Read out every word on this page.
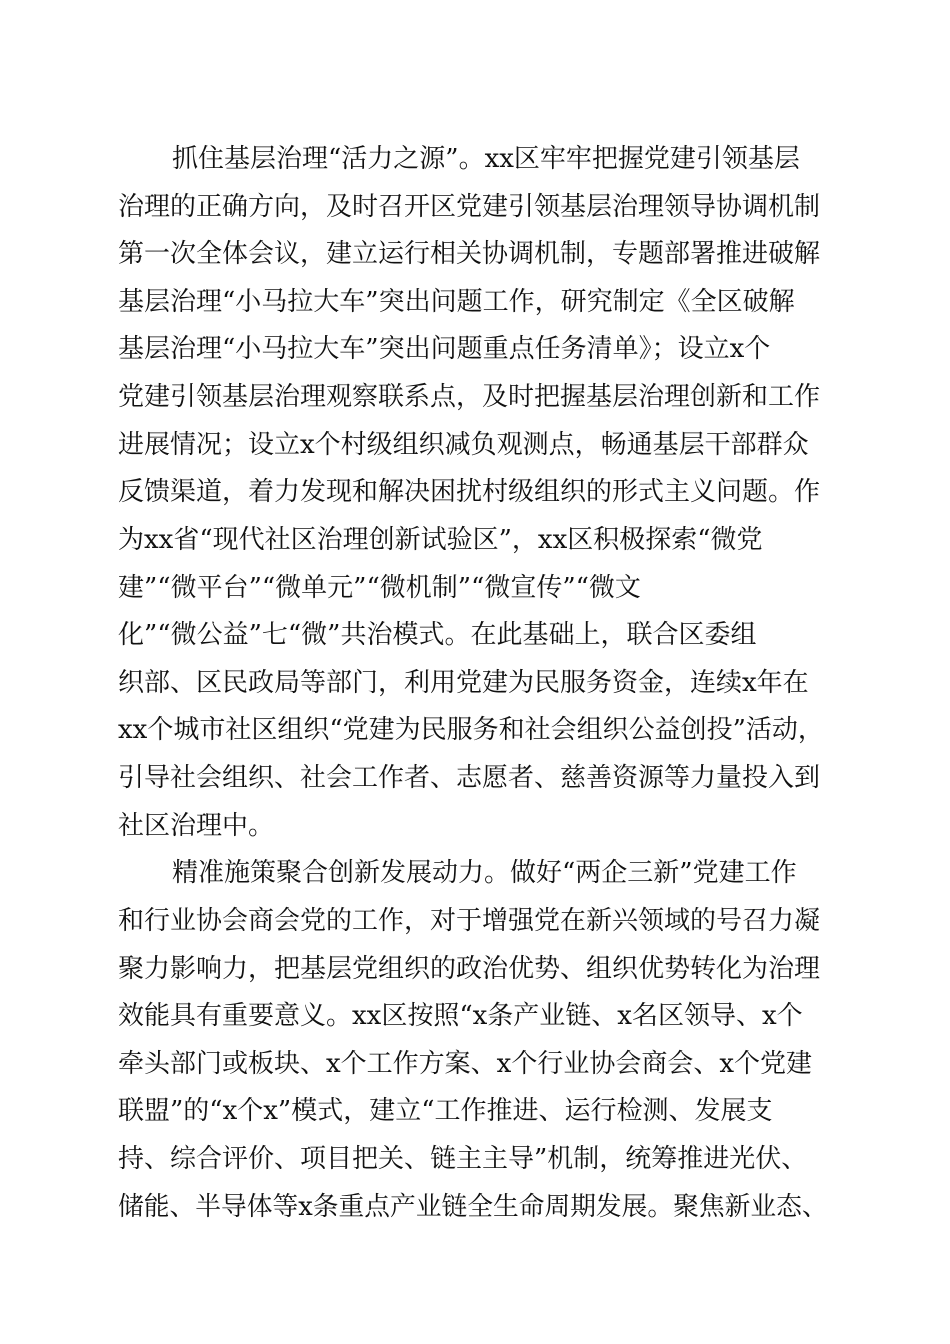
抓住基层治理“活力之源”。xx区牢牢把握党建引领基层
治理的正确方向，及时召开区党建引领基层治理领导协调机制
第一次全体会议，建立运行相关协调机制，专题部署推进破解
基层治理“小马拉大车”突出问题工作，研究制定《全区破解
基层治理“小马拉大车”突出问题重点任务清单》；设立x个
党建引领基层治理观察联系点，及时把握基层治理创新和工作
进展情况；设立x个村级组织减负观测点，畅通基层干部群众
反馈渠道，着力发现和解决困扰村级组织的形式主义问题。作
为xx省“现代社区治理创新试验区”，xx区积极探索“微党
建”“微平台”“微单元”“微机制”“微宣传”“微文
化”“微公益”七“微”共治模式。在此基础上，联合区委组
织部、区民政局等部门，利用党建为民服务资金，连续x年在
xx个城市社区组织“党建为民服务和社会组织公益创投”活动，
引导社会组织、社会工作者、志愿者、慈善资源等力量投入到
社区治理中。
精准施策聚合创新发展动力。做好“两企三新”党建工作
和行业协会商会党的工作，对于增强党在新兴领域的号召力凝
聚力影响力，把基层党组织的政治优势、组织优势转化为治理
效能具有重要意义。xx区按照“x条产业链、x名区领导、x个
牵头部门或板块、x个工作方案、x个行业协会商会、x个党建
联盟”的“x个x”模式，建立“工作推进、运行检测、发展支
持、综合评价、项目把关、链主主导”机制，统筹推进光伏、
储能、半导体等x条重点产业链全生命周期发展。聚焦新业态、
